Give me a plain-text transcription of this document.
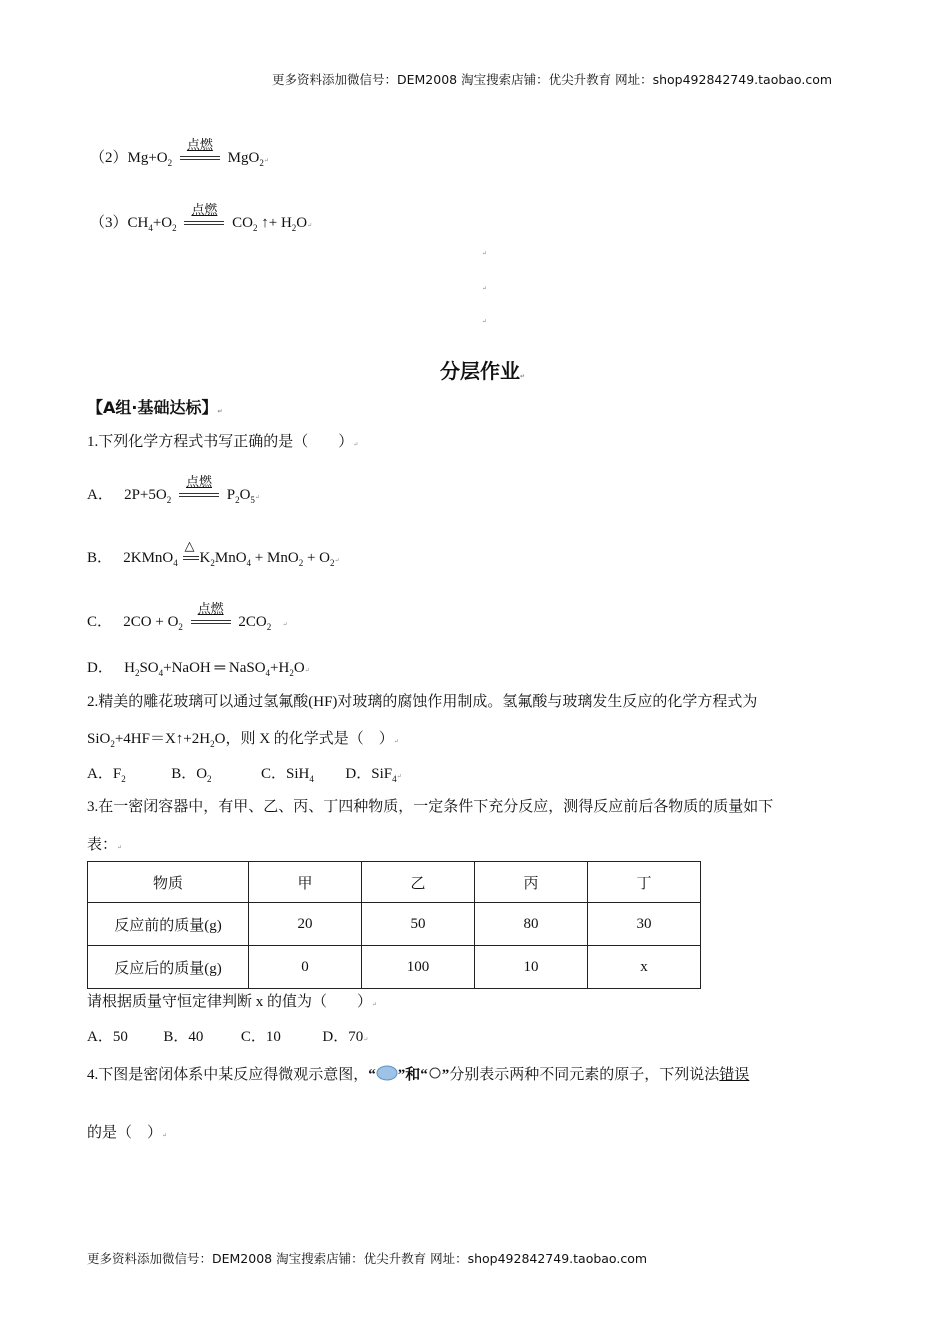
更多资料添加微信号：DEM2008 淘宝搜索店铺：优尖升教育 网址：shop492842749.taobao.com
$(2)Mg+O_2$
点燃
MgO$_2$↵
$(3)CH_4+O_2$
点燃
$CO_2$ ↑+ $H_2O↵$
↵
↵
↵
分层作业↵
【A组·基础达标】↵
1.下列化学方程式书写正确的是（　　）↵
A．   $2P+5O_2$
点燃
$P_2O_5↵$
B．   2KMnO$_4$
△
$K_2MnO_4 + MnO_2$ + $O_2↵$
C．   $2CO + O_2$
点燃
$2CO_2$ ↵
D．   $H_2SO_4+NaOH$ ═ $NaSO_4+H_2O↵$
2.精美的雕花玻璃可以通过氢氟酸(HF)对玻璃的腐蚀作用制成。氢氟酸与玻璃发生反应的化学方程式为
$SiO_2+4HF=X↑+2H_2O$，则 X 的化学式是（　）↵
A．$F_2$	B．$O_2$	C．SiH$_4$ D．SiF$_4$↵
3.在一密闭容器中，有甲、乙、丙、丁四种物质，一定条件下充分反应，测得反应前后各物质的质量如下
表：↵
物质	甲	乙	丙	丁
反应前的质量(g)	20	50	80	30
反应后的质量(g)	0	100	10	x
请根据质量守恒定律判断 x 的值为（　　）↵
A．50 B．40	C．10	D．70↵
4.下图是密闭体系中某反应得微观示意图，“ ”和“ ”分别表示两种不同元素的原子，下列说法错误
的是（　）↵
更多资料添加微信号：DEM2008 淘宝搜索店铺：优尖升教育 网址：shop492842749.taobao.com
